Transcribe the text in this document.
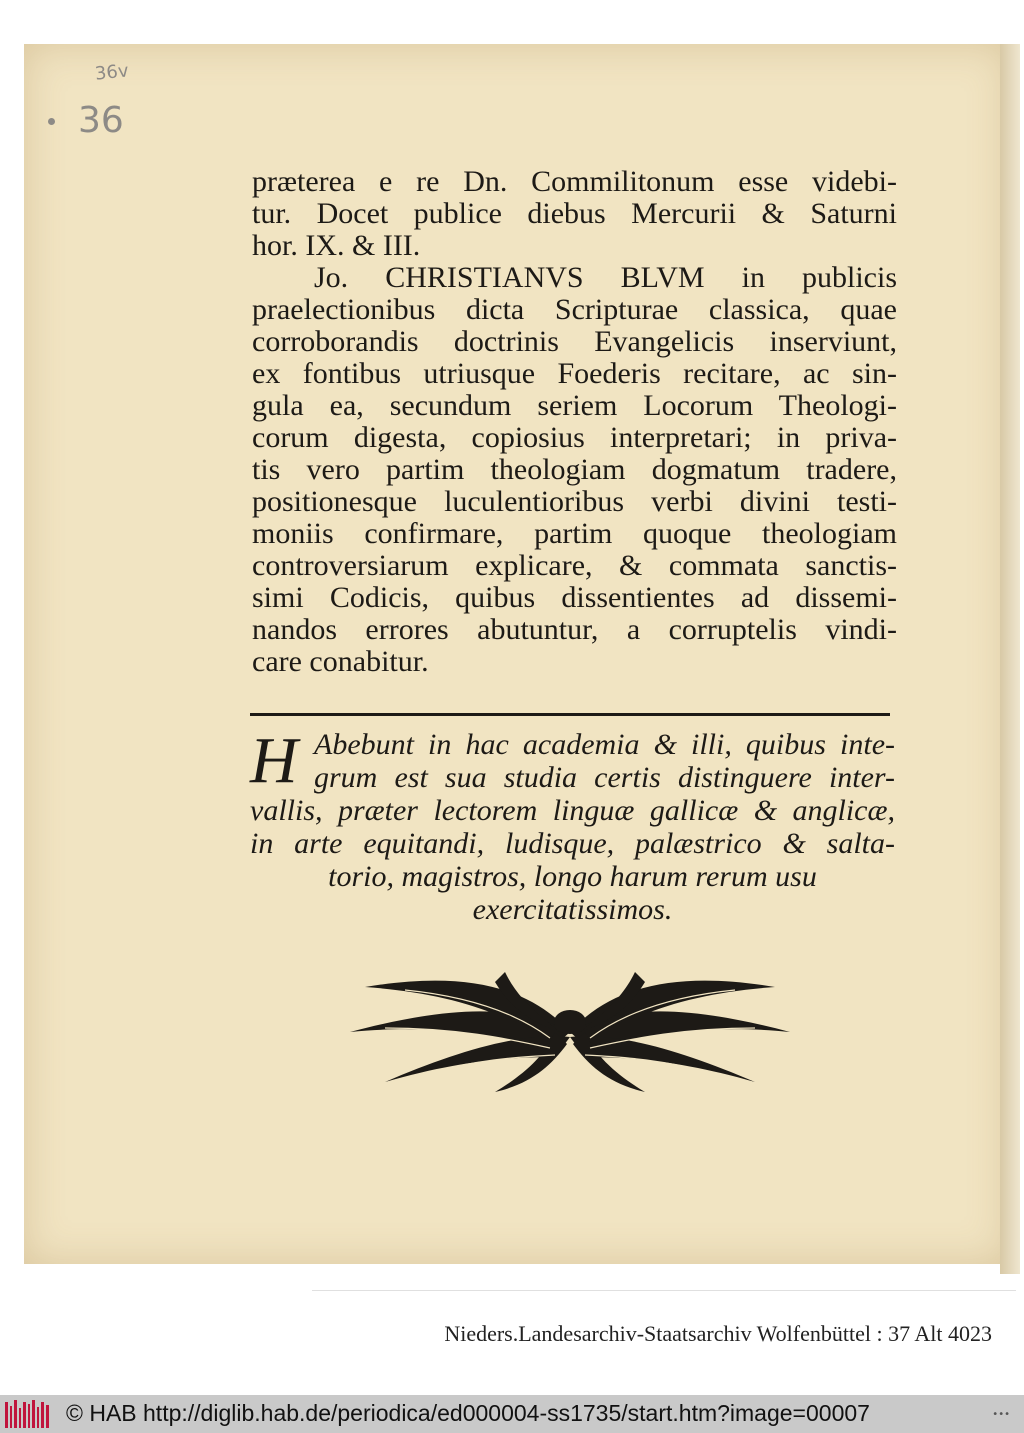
36v
36
præterea e re Dn. Commilitonum esse videbi-
tur. Docet publice diebus Mercurii & Saturni
hor. IX. & III.
Jo. CHRISTIANVS BLVM in publicis
praelectionibus dicta Scripturae classica, quae
corroborandis doctrinis Evangelicis inserviunt,
ex fontibus utriusque Foederis recitare, ac sin-
gula ea, secundum seriem Locorum Theologi-
corum digesta, copiosius interpretari; in priva-
tis vero partim theologiam dogmatum tradere,
positionesque luculentioribus verbi divini testi-
moniis confirmare, partim quoque theologiam
controversiarum explicare, & commata sanctis-
simi Codicis, quibus dissentientes ad dissemi-
nandos errores abutuntur, a corruptelis vindi-
care conabitur.
H Abebunt in hac academia & illi, quibus inte-
grum est sua studia certis distinguere inter-
vallis, præter lectorem linguæ gallicæ & anglicæ,
in arte equitandi, ludisque, palæstrico & salta-
torio, magistros, longo harum rerum usu
exercitatissimos.
Nieders.Landesarchiv-Staatsarchiv Wolfenbüttel : 37 Alt 4023
© HAB http://diglib.hab.de/periodica/ed000004-ss1735/start.htm?image=00007	•••
